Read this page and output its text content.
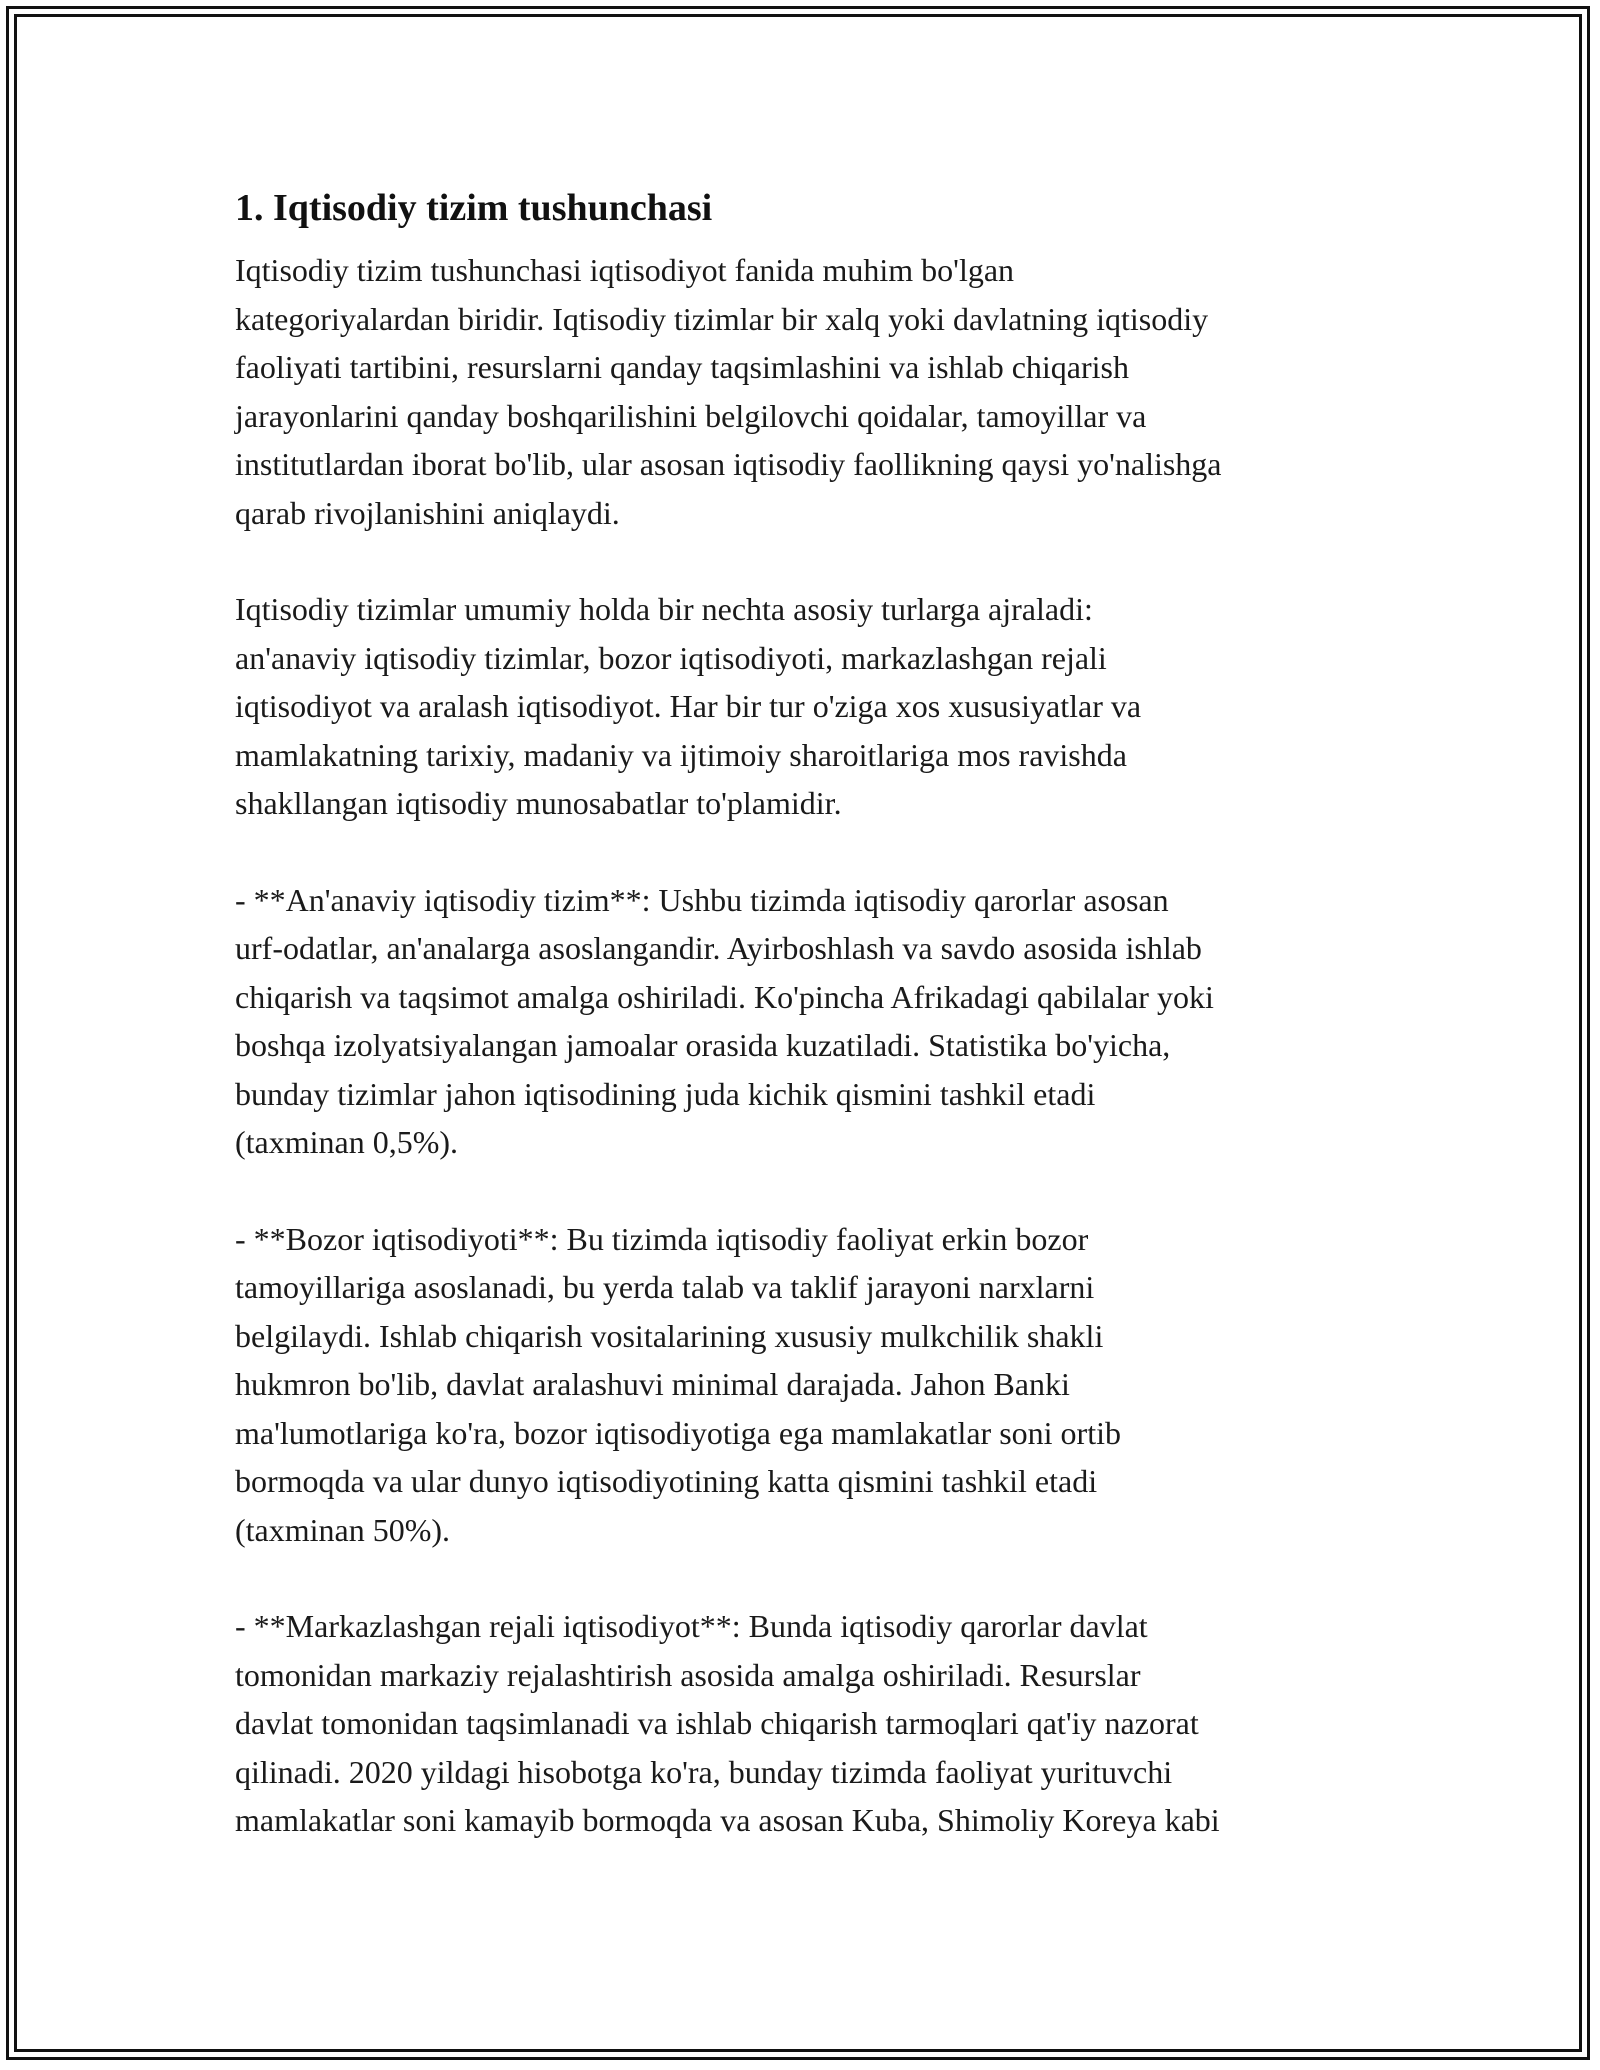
1. Iqtisodiy tizim tushunchasi

Iqtisodiy tizim tushunchasi iqtisodiyot fanida muhim bo'lgan
kategoriyalardan biridir. Iqtisodiy tizimlar bir xalq yoki davlatning iqtisodiy
faoliyati tartibini, resurslarni qanday taqsimlashini va ishlab chiqarish
jarayonlarini qanday boshqarilishini belgilovchi qoidalar, tamoyillar va
institutlardan iborat bo'lib, ular asosan iqtisodiy faollikning qaysi yo'nalishga
qarab rivojlanishini aniqlaydi.

Iqtisodiy tizimlar umumiy holda bir nechta asosiy turlarga ajraladi:
an'anaviy iqtisodiy tizimlar, bozor iqtisodiyoti, markazlashgan rejali
iqtisodiyot va aralash iqtisodiyot. Har bir tur o'ziga xos xususiyatlar va
mamlakatning tarixiy, madaniy va ijtimoiy sharoitlariga mos ravishda
shakllangan iqtisodiy munosabatlar to'plamidir.

- **An'anaviy iqtisodiy tizim**: Ushbu tizimda iqtisodiy qarorlar asosan
urf-odatlar, an'analarga asoslangandir. Ayirboshlash va savdo asosida ishlab
chiqarish va taqsimot amalga oshiriladi. Ko'pincha Afrikadagi qabilalar yoki
boshqa izolyatsiyalangan jamoalar orasida kuzatiladi. Statistika bo'yicha,
bunday tizimlar jahon iqtisodining juda kichik qismini tashkil etadi
(taxminan 0,5%).

- **Bozor iqtisodiyoti**: Bu tizimda iqtisodiy faoliyat erkin bozor
tamoyillariga asoslanadi, bu yerda talab va taklif jarayoni narxlarni
belgilaydi. Ishlab chiqarish vositalarining xususiy mulkchilik shakli
hukmron bo'lib, davlat aralashuvi minimal darajada. Jahon Banki
ma'lumotlariga ko'ra, bozor iqtisodiyotiga ega mamlakatlar soni ortib
bormoqda va ular dunyo iqtisodiyotining katta qismini tashkil etadi
(taxminan 50%).

- **Markazlashgan rejali iqtisodiyot**: Bunda iqtisodiy qarorlar davlat
tomonidan markaziy rejalashtirish asosida amalga oshiriladi. Resurslar
davlat tomonidan taqsimlanadi va ishlab chiqarish tarmoqlari qat'iy nazorat
qilinadi. 2020 yildagi hisobotga ko'ra, bunday tizimda faoliyat yurituvchi
mamlakatlar soni kamayib bormoqda va asosan Kuba, Shimoliy Koreya kabi
